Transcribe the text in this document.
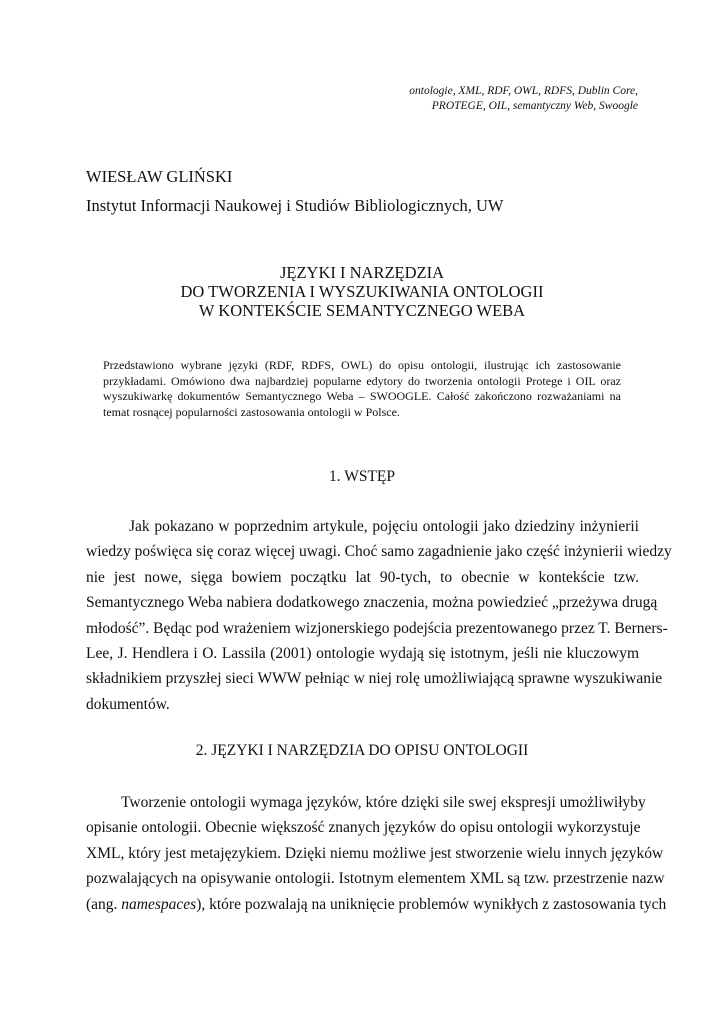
ontologie, XML, RDF, OWL, RDFS, Dublin Core,
PROTEGE, OIL, semantyczny Web, Swoogle
WIESŁAW GLIŃSKI
Instytut Informacji Naukowej i Studiów Bibliologicznych, UW
JĘZYKI I NARZĘDZIA
DO TWORZENIA I WYSZUKIWANIA ONTOLOGII
W KONTEKŚCIE SEMANTYCZNEGO WEBA
Przedstawiono wybrane języki (RDF, RDFS, OWL) do opisu ontologii, ilustrując ich zastosowanie
przykładami. Omówiono dwa najbardziej popularne edytory do tworzenia ontologii Protege i OIL oraz
wyszukiwarkę dokumentów Semantycznego Weba – SWOOGLE. Całość zakończono rozważaniami na
temat rosnącej popularności zastosowania ontologii w Polsce.
1. WSTĘP
Jak pokazano w poprzednim artykule, pojęciu ontologii jako dziedziny inżynierii
wiedzy poświęca się coraz więcej uwagi. Choć samo zagadnienie jako część inżynierii wiedzy
nie jest nowe, sięga bowiem początku lat 90-tych, to obecnie w kontekście tzw.
Semantycznego Weba nabiera dodatkowego znaczenia, można powiedzieć „przeżywa drugą
młodość”. Będąc pod wrażeniem wizjonerskiego podejścia prezentowanego przez T. Berners-
Lee, J. Hendlera i O. Lassila (2001) ontologie wydają się istotnym, jeśli nie kluczowym
składnikiem przyszłej sieci WWW pełniąc w niej rolę umożliwiającą sprawne wyszukiwanie
dokumentów.
2. JĘZYKI I NARZĘDZIA DO OPISU ONTOLOGII
Tworzenie ontologii wymaga języków, które dzięki sile swej ekspresji umożliwiłyby
opisanie ontologii. Obecnie większość znanych języków do opisu ontologii wykorzystuje
XML, który jest metajęzykiem. Dzięki niemu możliwe jest stworzenie wielu innych języków
pozwalających na opisywanie ontologii. Istotnym elementem XML są tzw. przestrzenie nazw
(ang. namespaces), które pozwalają na uniknięcie problemów wynikłych z zastosowania tych
